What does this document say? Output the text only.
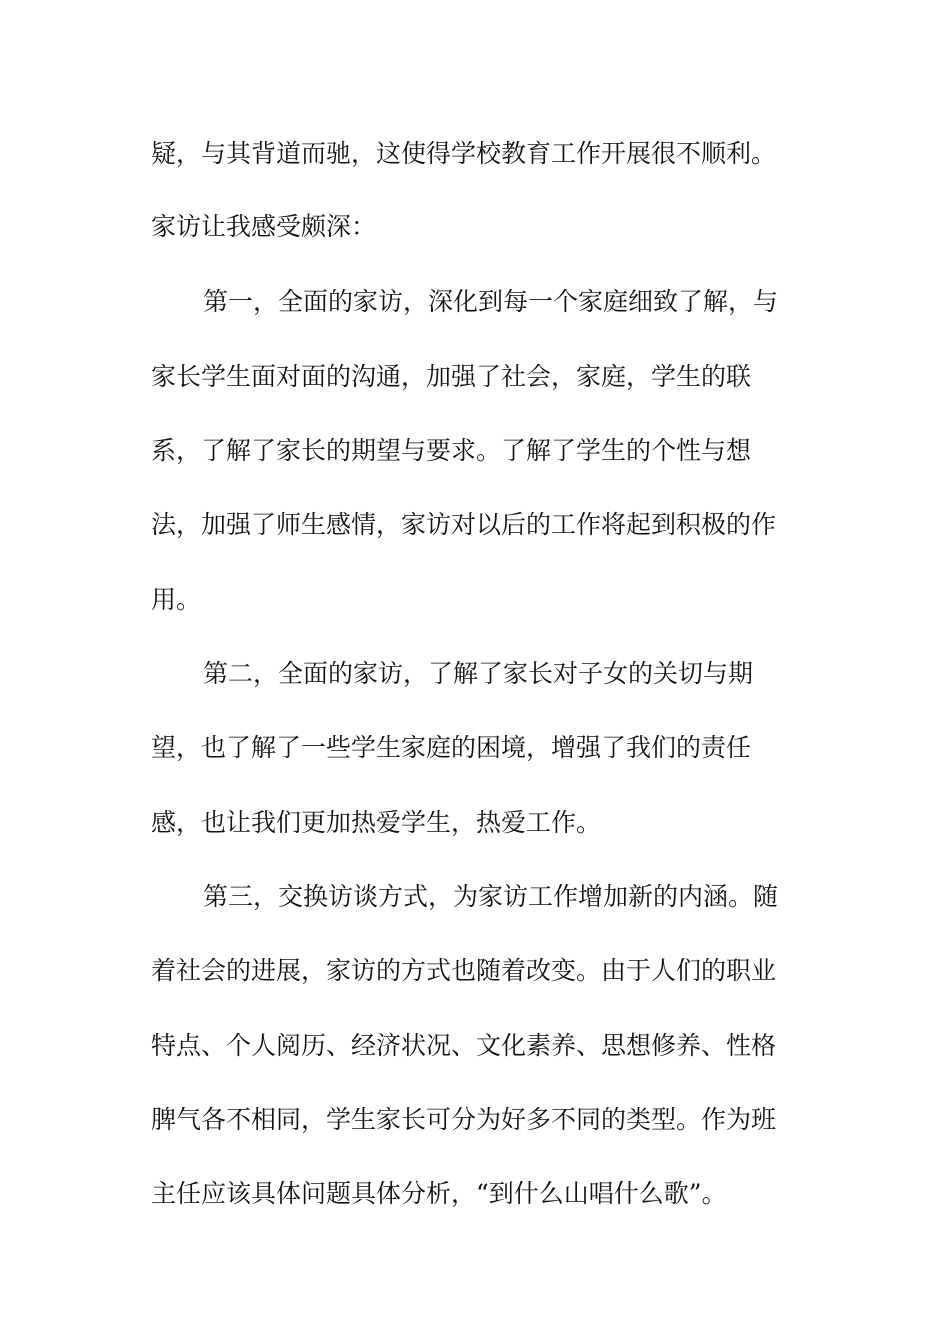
疑，与其背道而驰，这使得学校教育工作开展很不顺利。
家访让我感受颇深：
第一，全面的家访，深化到每一个家庭细致了解，与
家长学生面对面的沟通，加强了社会，家庭，学生的联
系，了解了家长的期望与要求。了解了学生的个性与想
法，加强了师生感情，家访对以后的工作将起到积极的作
用。
第二，全面的家访，了解了家长对子女的关切与期
望，也了解了一些学生家庭的困境，增强了我们的责任
感，也让我们更加热爱学生，热爱工作。
第三，交换访谈方式，为家访工作增加新的内涵。随
着社会的进展，家访的方式也随着改变。由于人们的职业
特点、个人阅历、经济状况、文化素养、思想修养、性格
脾气各不相同，学生家长可分为好多不同的类型。作为班
主任应该具体问题具体分析，“到什么山唱什么歌”。
